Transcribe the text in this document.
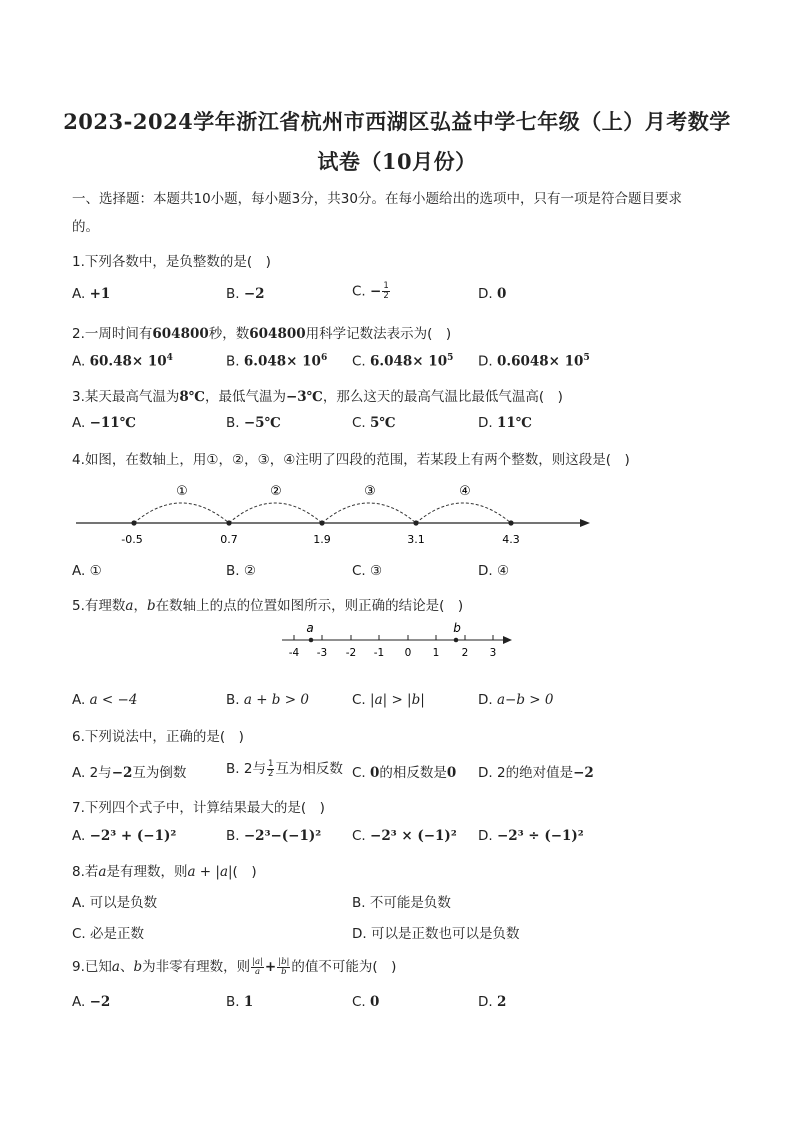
2023-2024学年浙江省杭州市西湖区弘益中学七年级（上）月考数学
试卷（10月份）
一、选择题：本题共10小题，每小题3分，共30分。在每小题给出的选项中，只有一项是符合题目要求
的。
1.下列各数中，是负整数的是(　)
A. +1	B. −2	C. − $\frac{1}{2}$	D. 0
2.一周时间有604800秒，数604800用科学记数法表示为(　)
A. $60.48\times 10^4$	B. $6.048\times 10^6$ C. $6.048\times 10^5$ D. $0.6048\times 10^5$
3.某天最高气温为8℃，最低气温为−3℃，那么这天的最高气温比最低气温高(　)
A. −11℃	B. −5℃	C. 5℃	D. 11℃
4.如图，在数轴上，用①，②，③，④注明了四段的范围，若某段上有两个整数，则这段是(　)
①	②	③	④
-0.5	0.7	1.9	3.1	4.3
A. ①	B. ②	C. ③	D. ④
5.有理数a，b在数轴上的点的位置如图所示，则正确的结论是(　)
a	b
-4 -3 -2 -1 0 1 2 3
A. a < −4	B. a + b > 0	C. |a| > |b|	D. a−b > 0
6.下列说法中，正确的是(　)
A. 2与−2互为倒数	B. 2与 $\frac{1}{2}$ 互为相反数 C. 0的相反数是0 D. 2的绝对值是−2
7.下列四个式子中，计算结果最大的是(　)
A. −2³ + (−1)²	B. −2³−(−1)² C. −2³ × (−1)² D. −2³ ÷ (−1)²
8.若a是有理数，则a + |a|(　)
A. 可以是负数	B. 不可能是负数
C. 必是正数	D. 可以是正数也可以是负数
9.已知a、b为非零有理数，则 $\frac{|a|}{a} + \frac{|b|}{b}$ 的值不可能为(　)
A. −2	B. 1	C. 0	D. 2
